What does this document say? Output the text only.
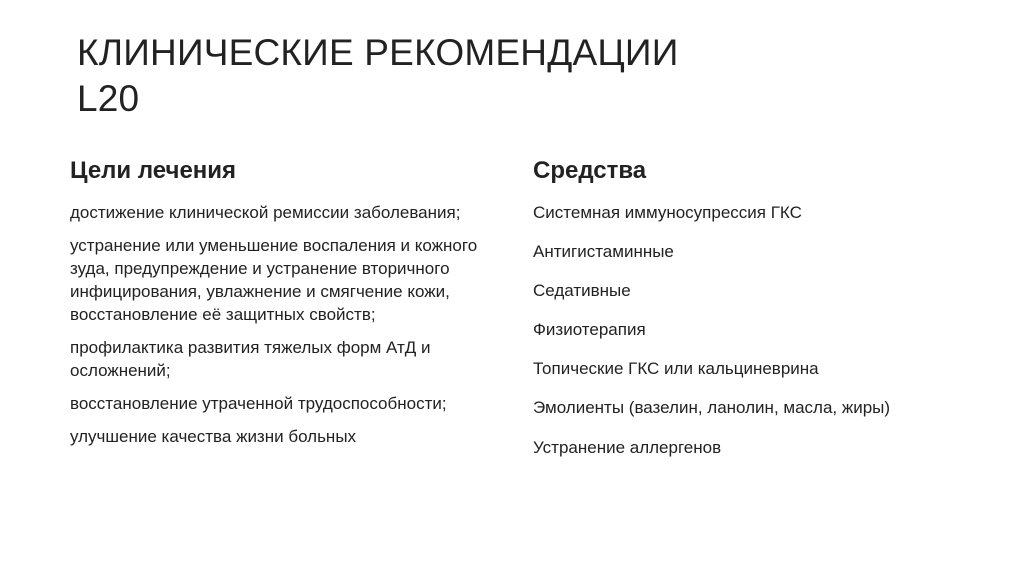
КЛИНИЧЕСКИЕ РЕКОМЕНДАЦИИ
L20
Цели лечения
достижение клинической ремиссии заболевания;
устранение или уменьшение воспаления и кожного зуда, предупреждение и устранение вторичного инфицирования, увлажнение и смягчение кожи, восстановление её защитных свойств;
профилактика развития тяжелых форм АтД и осложнений;
восстановление утраченной трудоспособности;
улучшение качества жизни больных
Средства
Системная иммуносупрессия ГКС
Антигистаминные
Седативные
Физиотерапия
Топические ГКС или кальциневрина
Эмолиенты (вазелин, ланолин, масла, жиры)
Устранение аллергенов
